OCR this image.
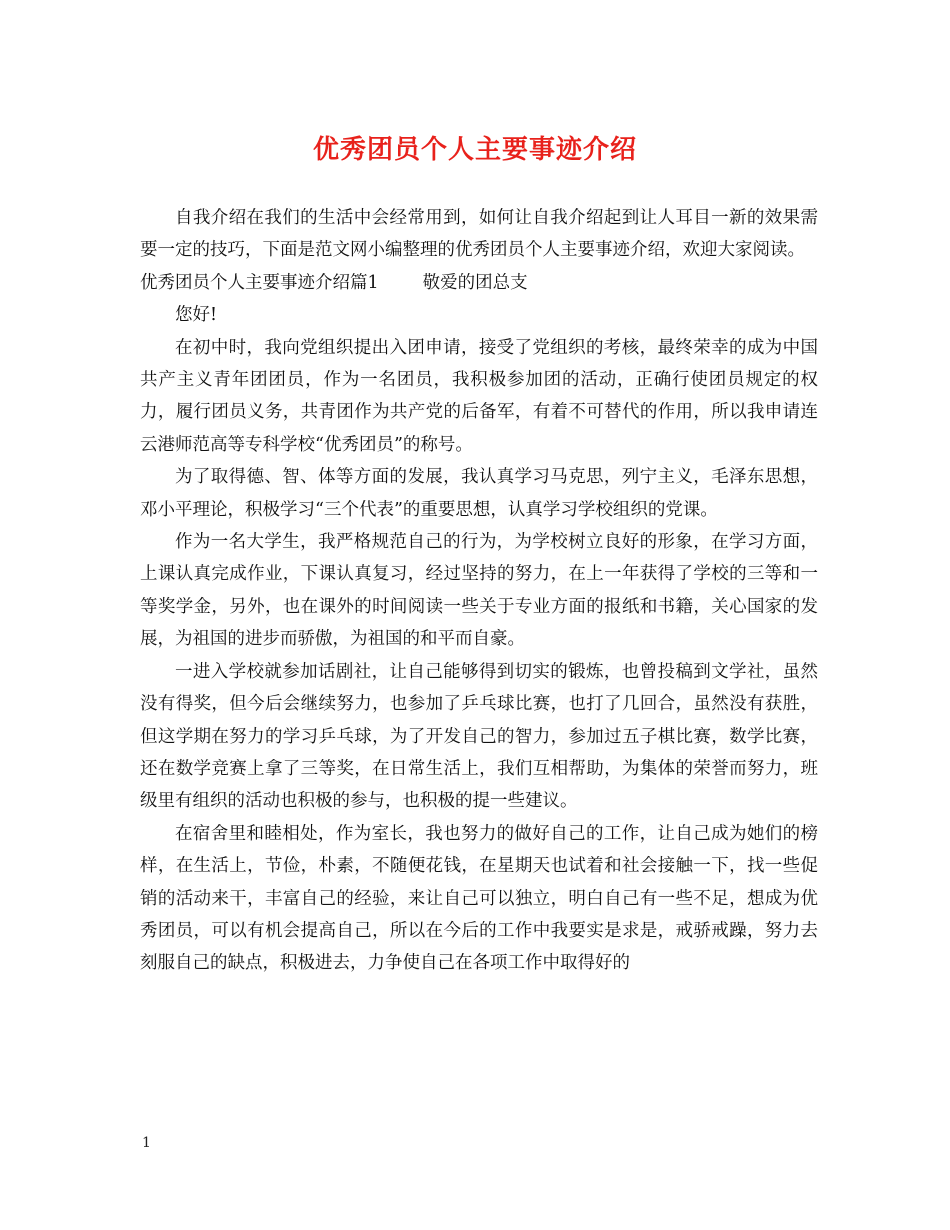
优秀团员个人主要事迹介绍

自我介绍在我们的生活中会经常用到，如何让自我介绍起到让人耳目一新的效果需要一定的技巧，下面是范文网小编整理的优秀团员个人主要事迹介绍，欢迎大家阅读。

优秀团员个人主要事迹介绍篇1	敬爱的团总支

您好!

在初中时，我向党组织提出入团申请，接受了党组织的考核，最终荣幸的成为中国共产主义青年团团员，作为一名团员，我积极参加团的活动，正确行使团员规定的权力，履行团员义务，共青团作为共产党的后备军，有着不可替代的作用，所以我申请连云港师范高等专科学校“优秀团员”的称号。

为了取得德、智、体等方面的发展，我认真学习马克思，列宁主义，毛泽东思想，邓小平理论，积极学习“三个代表”的重要思想，认真学习学校组织的党课。

作为一名大学生，我严格规范自己的行为，为学校树立良好的形象，在学习方面，上课认真完成作业，下课认真复习，经过坚持的努力，在上一年获得了学校的三等和一等奖学金，另外，也在课外的时间阅读一些关于专业方面的报纸和书籍，关心国家的发展，为祖国的进步而骄傲，为祖国的和平而自豪。

一进入学校就参加话剧社，让自己能够得到切实的锻炼，也曾投稿到文学社，虽然没有得奖，但今后会继续努力，也参加了乒乓球比赛，也打了几回合，虽然没有获胜，但这学期在努力的学习乒乓球，为了开发自己的智力，参加过五子棋比赛，数学比赛，还在数学竞赛上拿了三等奖，在日常生活上，我们互相帮助，为集体的荣誉而努力，班级里有组织的活动也积极的参与，也积极的提一些建议。

在宿舍里和睦相处，作为室长，我也努力的做好自己的工作，让自己成为她们的榜样，在生活上，节俭，朴素，不随便花钱，在星期天也试着和社会接触一下，找一些促销的活动来干，丰富自己的经验，来让自己可以独立，明白自己有一些不足，想成为优秀团员，可以有机会提高自己，所以在今后的工作中我要实是求是，戒骄戒躁，努力去刻服自己的缺点，积极进去，力争使自己在各项工作中取得好的

1
